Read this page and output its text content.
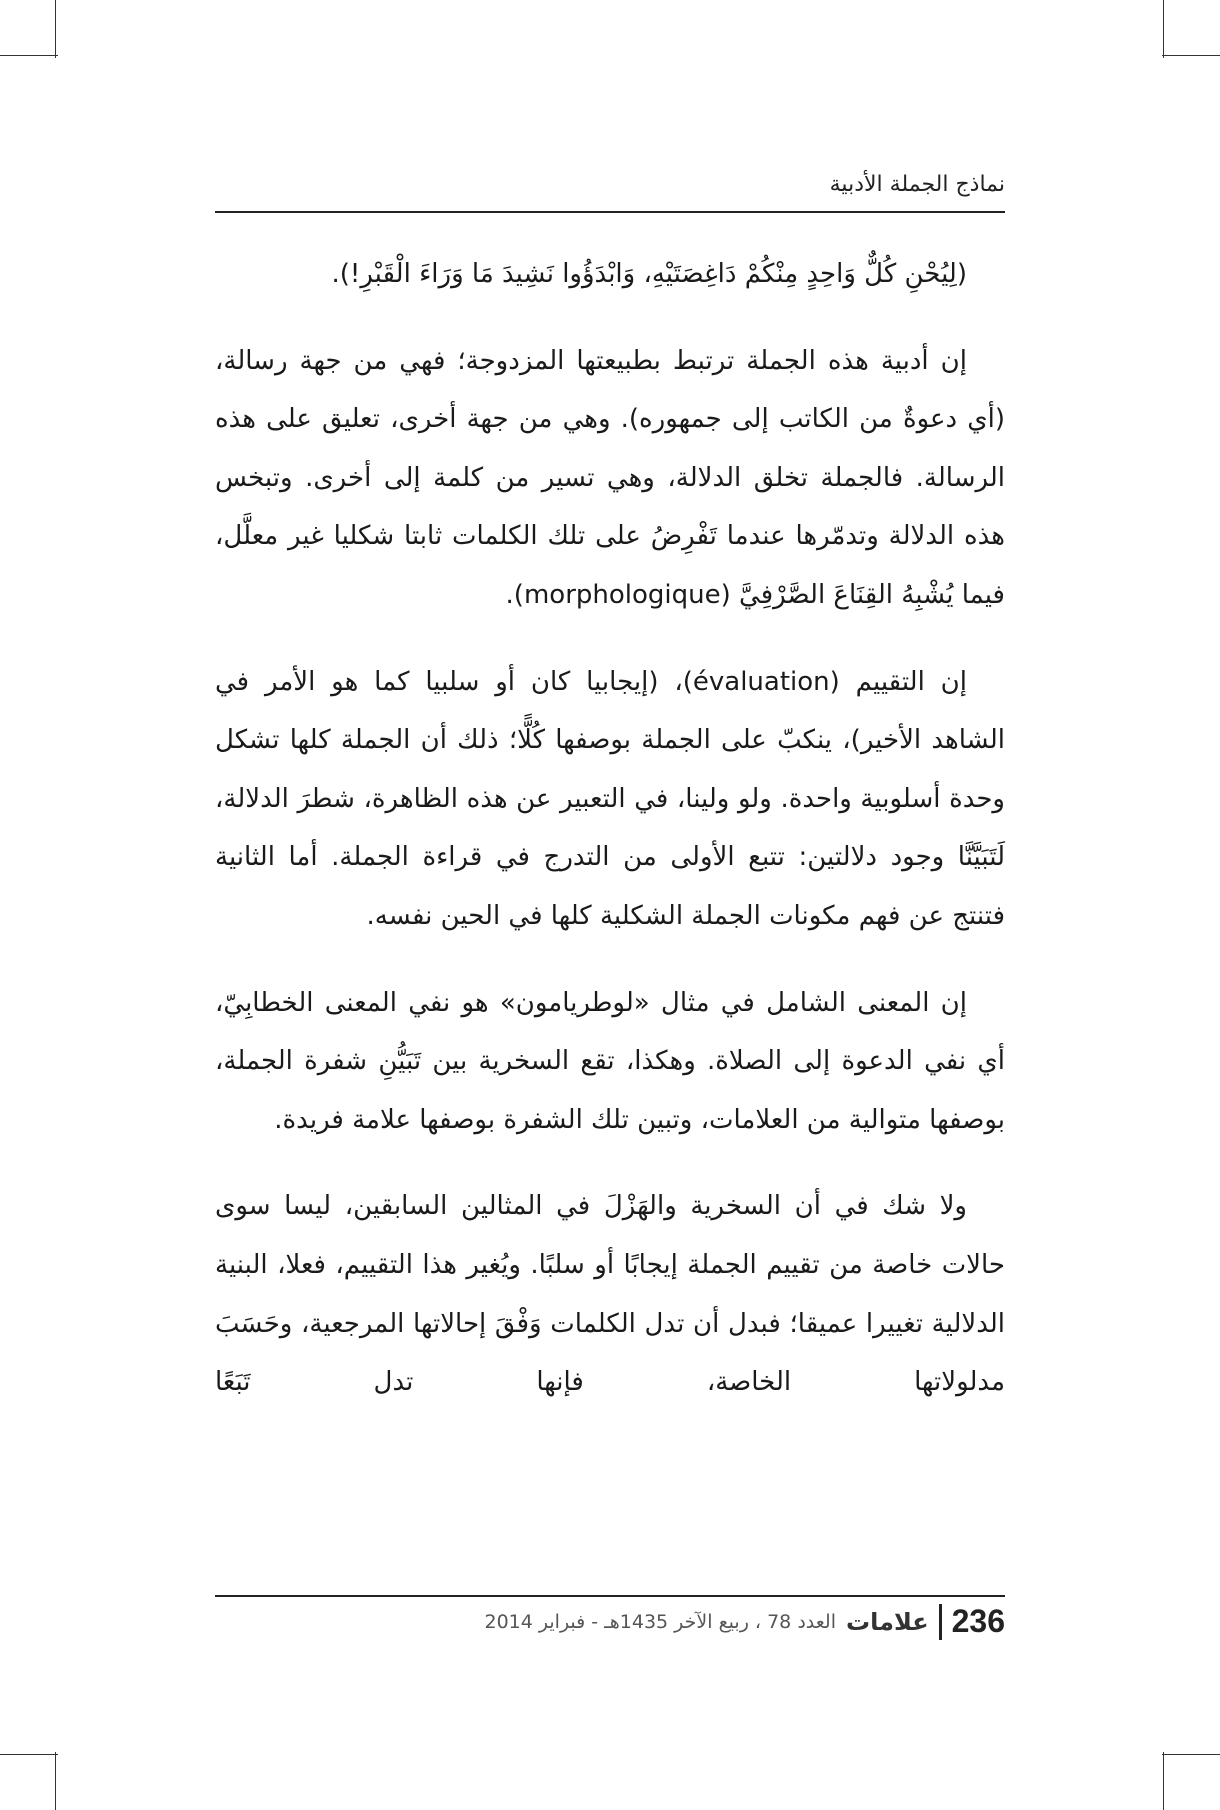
نماذج الجملة الأدبية

(لِيُحْنِ كُلٌّ وَاحِدٍ مِنْكُمْ دَاغِصَتَيْهِ، وَابْدَؤُوا نَشِيدَ مَا وَرَاءَ الْقَبْرِ!).

إن أدبية هذه الجملة ترتبط بطبيعتها المزدوجة؛ فهي من جهة رسالة، (أي دعوةٌ من الكاتب إلى جمهوره). وهي من جهة أخرى، تعليق على هذه الرسالة. فالجملة تخلق الدلالة، وهي تسير من كلمة إلى أخرى. وتبخس هذه الدلالة وتدمّرها عندما تَفْرِضُ على تلك الكلمات ثابتا شكليا غير معلَّل، فيما يُشْبِهُ القِنَاعَ الصَّرْفِيَّ (morphologique).

إن التقييم (évaluation)، (إيجابيا كان أو سلبيا كما هو الأمر في الشاهد الأخير)، ينكبّ على الجملة بوصفها كُلًّا؛ ذلك أن الجملة كلها تشكل وحدة أسلوبية واحدة. ولو ولينا، في التعبير عن هذه الظاهرة، شطرَ الدلالة، لَتَبَيَّنَّا وجود دلالتين: تتبع الأولى من التدرج في قراءة الجملة. أما الثانية فتنتج عن فهم مكونات الجملة الشكلية كلها في الحين نفسه.

إن المعنى الشامل في مثال «لوطريامون» هو نفي المعنى الخطابِيّ، أي نفي الدعوة إلى الصلاة. وهكذا، تقع السخرية بين تَبَيُّنِ شفرة الجملة، بوصفها متوالية من العلامات، وتبين تلك الشفرة بوصفها علامة فريدة.

ولا شك في أن السخرية والهَزْلَ في المثالين السابقين، ليسا سوى حالات خاصة من تقييم الجملة إيجابًا أو سلبًا. ويُغير هذا التقييم، فعلا، البنية الدلالية تغييرا عميقا؛ فبدل أن تدل الكلمات وَفْقَ إحالاتها المرجعية، وحَسَبَ مدلولاتها الخاصة، فإنها تدل تَبَعًا

236
علامات
العدد 78 ، ربيع الآخر 1435هـ - فبراير 2014
